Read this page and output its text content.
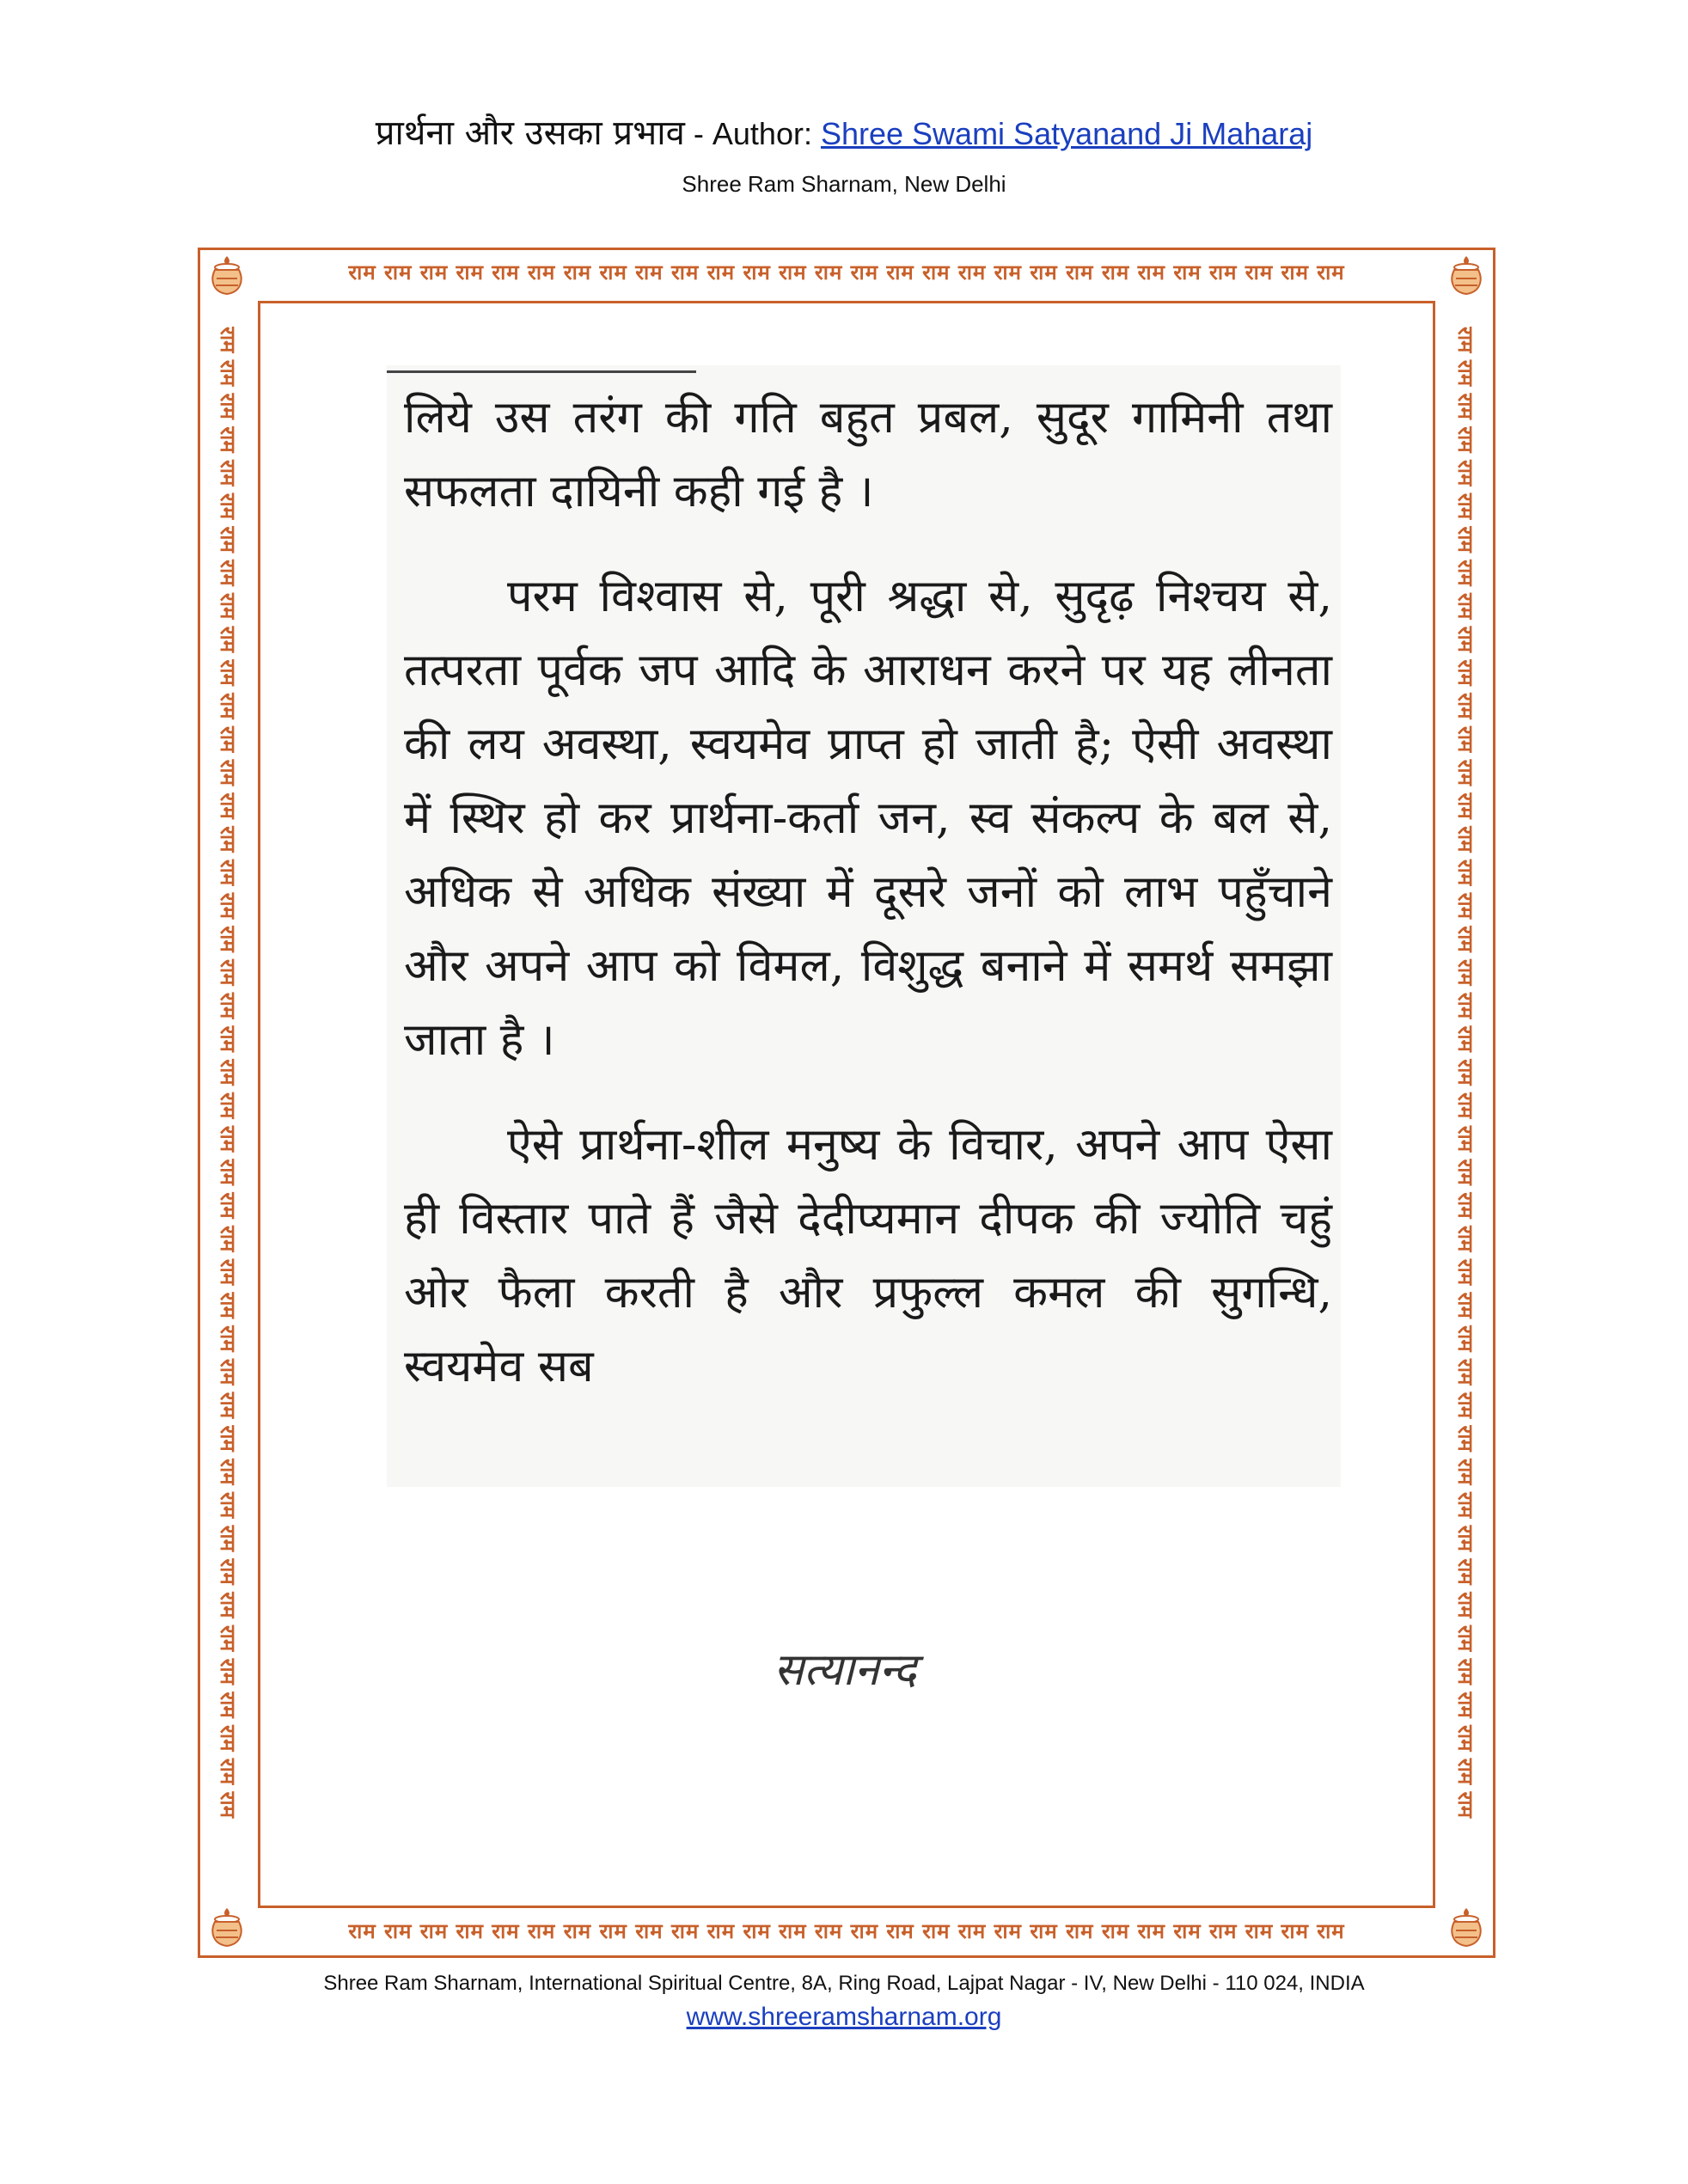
प्रार्थना और उसका प्रभाव - Author: Shree Swami Satyanand Ji Maharaj
Shree Ram Sharnam, New Delhi
राम राम राम राम राम राम राम राम राम राम राम राम राम राम राम राम राम राम राम राम राम राम राम राम राम राम राम राम
राम राम राम राम राम राम राम राम राम राम राम राम राम राम राम राम राम राम राम राम राम राम राम राम राम राम राम राम
राम राम राम राम राम राम राम राम राम राम राम राम राम राम राम राम राम राम राम राम राम राम राम राम राम राम राम राम राम राम राम राम राम राम राम राम राम राम राम राम राम राम राम राम राम	राम राम राम राम राम राम राम राम राम राम राम राम राम राम राम राम राम राम राम राम राम राम राम राम राम राम राम राम राम राम राम राम राम राम राम राम राम राम राम राम राम राम राम राम राम

लिये उस तरंग की गति बहुत प्रबल, सुदूर गामिनी तथा सफलता दायिनी कही गई है ।

परम विश्वास से, पूरी श्रद्धा से, सुदृढ़ निश्चय से, तत्परता पूर्वक जप आदि के आराधन करने पर यह लीनता की लय अवस्था, स्वयमेव प्राप्त हो जाती है; ऐसी अवस्था में स्थिर हो कर प्रार्थना-कर्ता जन, स्व संकल्प के बल से, अधिक से अधिक संख्या में दूसरे जनों को लाभ पहुँचाने और अपने आप को विमल, विशुद्ध बनाने में समर्थ समझा जाता है ।

ऐसे प्रार्थना-शील मनुष्य के विचार, अपने आप ऐसा ही विस्तार पाते हैं जैसे देदीप्यमान दीपक की ज्योति चहुं ओर फैला करती है और प्रफुल्ल कमल की सुगन्धि, स्वयमेव सब

सत्यानन्द
Shree Ram Sharnam, International Spiritual Centre, 8A, Ring Road, Lajpat Nagar - IV, New Delhi - 110 024, INDIA
www.shreeramsharnam.org
